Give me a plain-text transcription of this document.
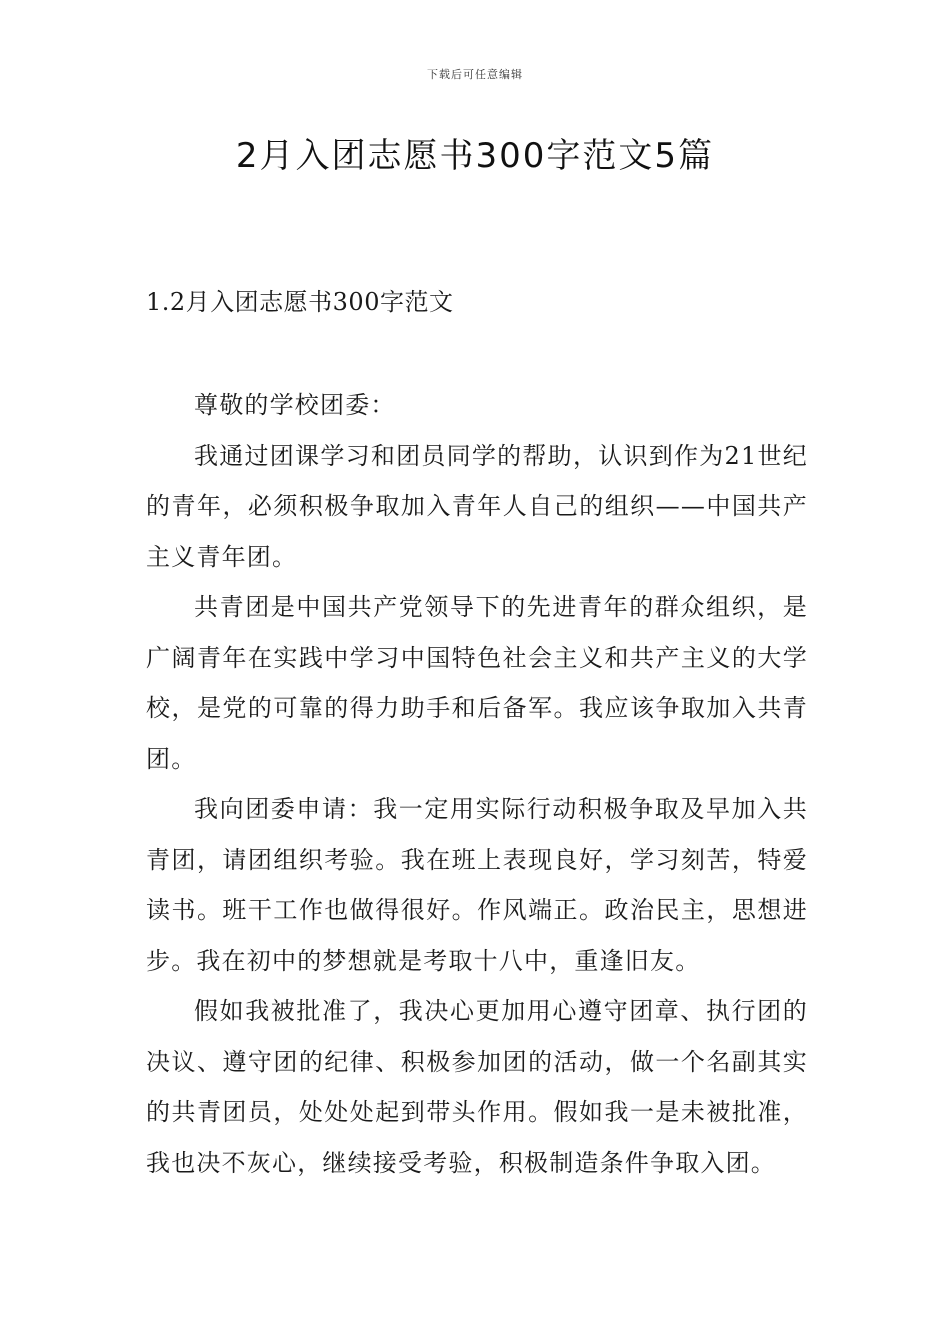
下载后可任意编辑
2月入团志愿书300字范文5篇
1.2月入团志愿书300字范文

尊敬的学校团委：

我通过团课学习和团员同学的帮助，认识到作为21世纪的青年，必须积极争取加入青年人自己的组织——中国共产主义青年团。

共青团是中国共产党领导下的先进青年的群众组织，是广阔青年在实践中学习中国特色社会主义和共产主义的大学校，是党的可靠的得力助手和后备军。我应该争取加入共青团。

我向团委申请：我一定用实际行动积极争取及早加入共青团，请团组织考验。我在班上表现良好，学习刻苦，特爱读书。班干工作也做得很好。作风端正。政治民主，思想进步。我在初中的梦想就是考取十八中，重逢旧友。

假如我被批准了，我决心更加用心遵守团章、执行团的决议、遵守团的纪律、积极参加团的活动，做一个名副其实的共青团员，处处处起到带头作用。假如我一是未被批准，我也决不灰心，继续接受考验，积极制造条件争取入团。
